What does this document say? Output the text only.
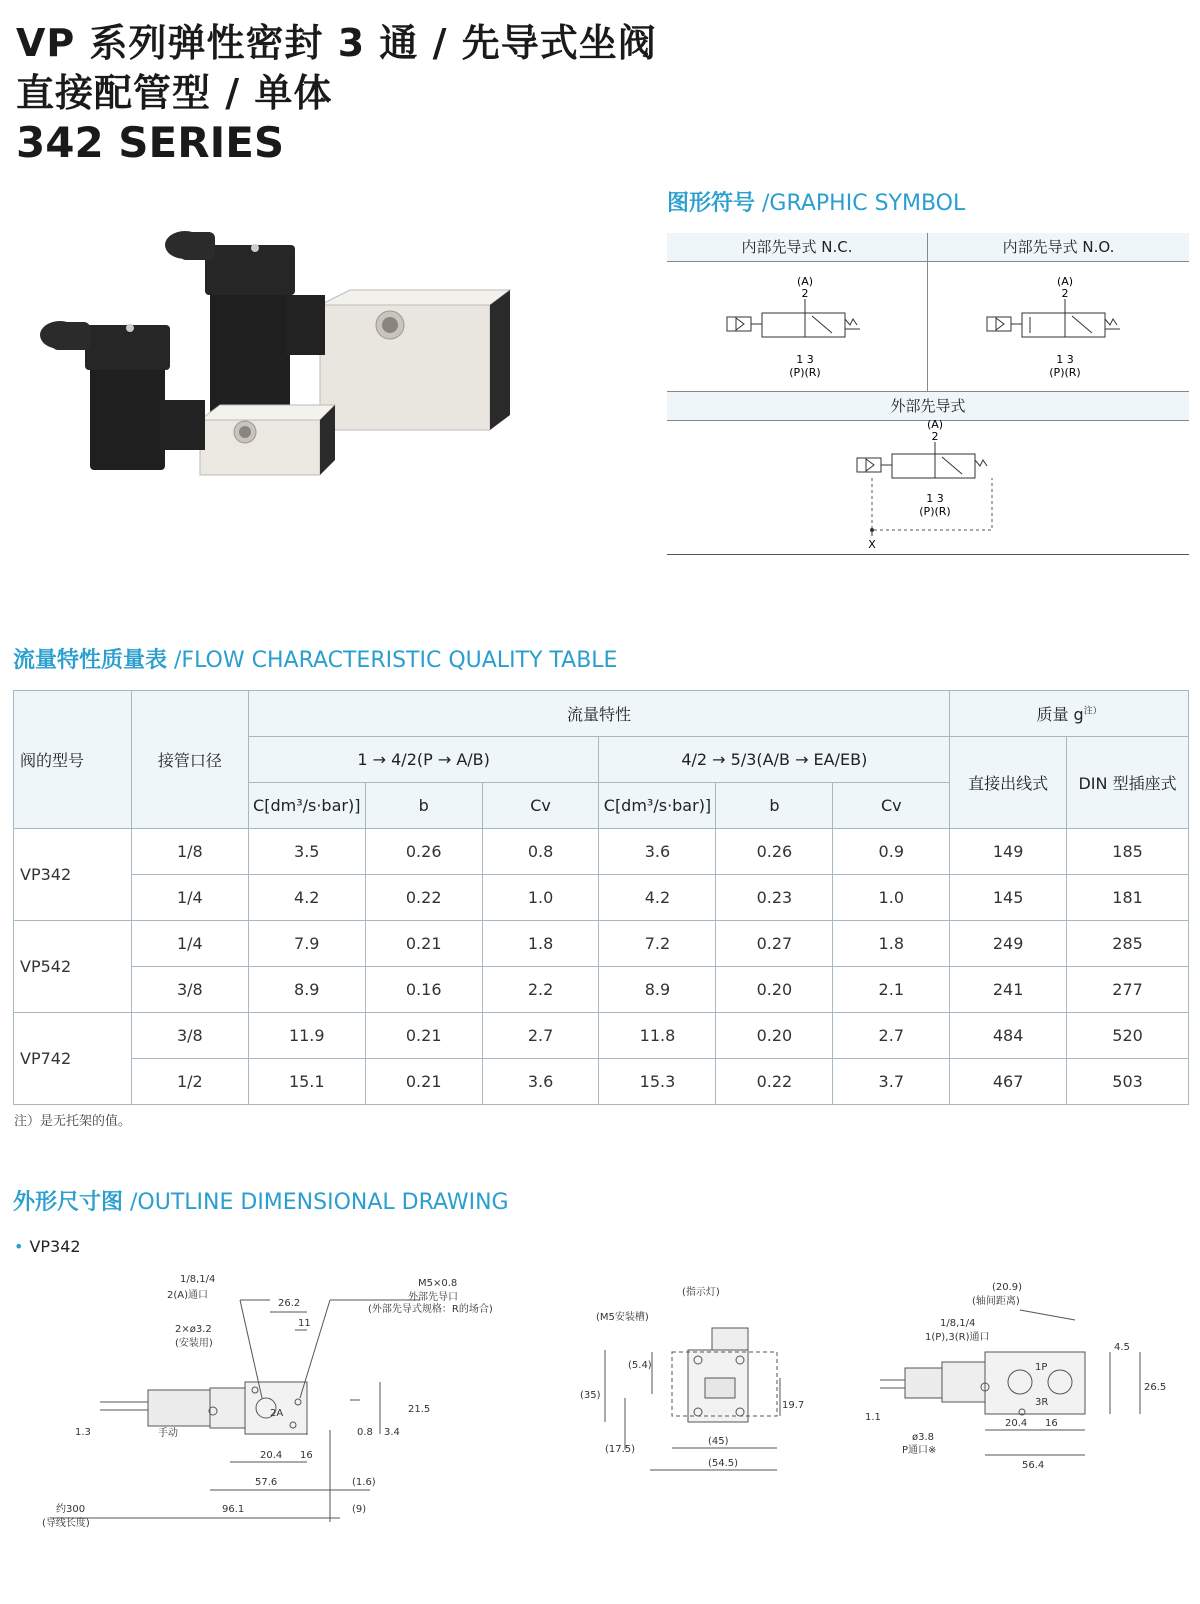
VP 系列弹性密封 3 通 / 先导式坐阀
直接配管型 / 单体
342 SERIES
图形符号 /GRAPHIC SYMBOL
内部先导式 N.C.	内部先导式 N.O.
外部先导式
(A)
2
1 3
(P)(R)
(A)
2
1 3
(P)(R)
(A)
2
1 3
(P)(R)
X
流量特性质量表 /FLOW CHARACTERISTIC QUALITY TABLE
阀的型号	接管口径	流量特性						质量 $g^{注)}$
		1 → 4/2(P → A/B)			4/2 → 5/3(A/B → EA/EB)			直接出线式	DIN 型插座式
		C[dm³/s·bar)]	b	Cv	C[dm³/s·bar)]	b	Cv		
VP342	1/8	3.5	0.26	0.8	3.6	0.26	0.9	149	185
	1/4	4.2	0.22	1.0	4.2	0.23	1.0	145	181
VP542	1/4	7.9	0.21	1.8	7.2	0.27	1.8	249	285
	3/8	8.9	0.16	2.2	8.9	0.20	2.1	241	277
VP742	3/8	11.9	0.21	2.7	11.8	0.20	2.7	484	520
	1/2	15.1	0.21	3.6	15.3	0.22	3.7	467	503
注）是无托架的值。
外形尺寸图 /OUTLINE DIMENSIONAL DRAWING
• VP342
1/8,1/4
2(A)通口
2×ø3.2
(安装用)
手动
2A
M5×0.8
外部先导口
(外部先导式规格：R的场合)
26.2
11
21.5
3.4
0.8
1.3
20.4 16
57.6	(1.6)
96.1	(9)
约300
(导线长度)
(指示灯)
(M5安装槽)
(35)
(5.4)
(17.5)
19.7
(45)
(54.5)
(20.9)
(轴间距离)
1/8,1/4
1(P),3(R)通口
1P
3R
ø3.8
P通口※
4.5
26.5
1.1
20.4 16
56.4
